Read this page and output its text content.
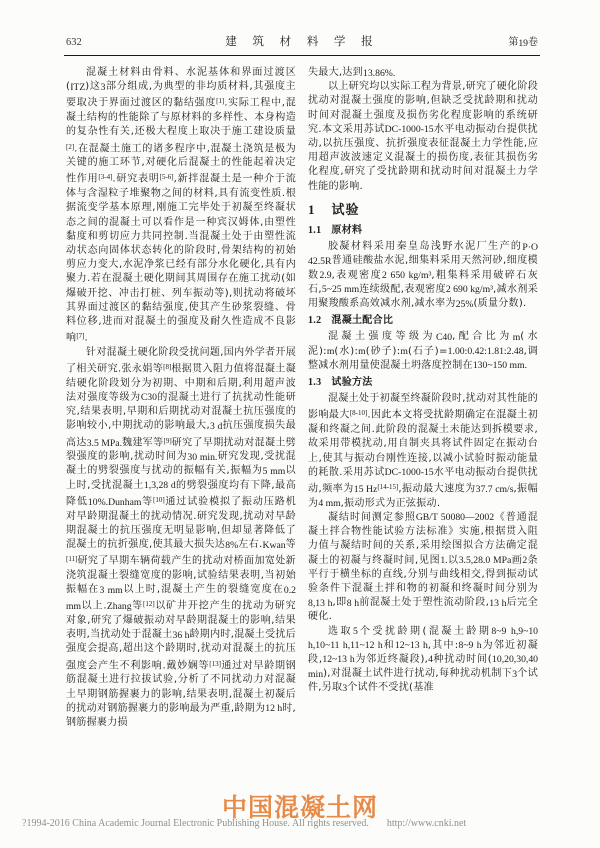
632	建 筑 材 料 学 报	第19卷

混凝土材料由骨料、水泥基体和界面过渡区(ITZ)这3部分组成,为典型的非均质材料,其强度主要取决于界面过渡区的黏结强度[1].实际工程中,混凝土结构的性能除了与原材料的多样性、本身构造的复杂性有关,还极大程度上取决于施工建设质量[2].在混凝土施工的诸多程序中,混凝土浇筑是极为关键的施工环节,对硬化后混凝土的性能起着决定性作用[3-4].研究表明[5-6],新拌混凝土是一种介于流体与含湿粒子堆聚物之间的材料,具有流变性质.根据流变学基本原理,刚施工完毕处于初凝至终凝状态之间的混凝土可以看作是一种宾汉姆体,由塑性黏度和剪切应力共同控制.当混凝土处于由塑性流动状态向固体状态转化的阶段时,骨架结构的初始剪应力变大,水泥净浆已经有部分水化硬化,具有内聚力.若在混凝土硬化期间其周围存在施工扰动(如爆破开挖、冲击打桩、列车振动等),则扰动将破坏其界面过渡区的黏结强度,使其产生砂浆裂缝、骨料位移,进而对混凝土的强度及耐久性造成不良影响[7].

针对混凝土硬化阶段受扰问题,国内外学者开展了相关研究.张永娟等[8]根据贯入阻力值将混凝土凝结硬化阶段划分为初期、中期和后期,利用超声波法对强度等级为C30的混凝土进行了抗扰动性能研究,结果表明,早期和后期扰动对混凝土抗压强度的影响较小,中期扰动的影响最大,3 d抗压强度损失最高达3.5 MPa.魏建军等[9]研究了早期扰动对混凝土劈裂强度的影响,扰动时间为30 min.研究发现,受扰混凝土的劈裂强度与扰动的振幅有关,振幅为5 mm以上时,受扰混凝土1,3,28 d的劈裂强度均有下降,最高降低10%.Dunham等[10]通过试验模拟了振动压路机对早龄期混凝土的扰动情况.研究发现,扰动对早龄期混凝土的抗压强度无明显影响,但却显著降低了混凝土的抗折强度,使其最大损失达8%左右.Kwan等[11]研究了早期车辆荷载产生的扰动对桥面加宽处新浇筑混凝土裂缝宽度的影响,试验结果表明,当初始振幅在3 mm以上时,混凝土产生的裂缝宽度在0.2 mm以上.Zhang等[12]以矿井开挖产生的扰动为研究对象,研究了爆破振动对早龄期混凝土的影响,结果表明,当扰动处于混凝土36 h龄期内时,混凝土受扰后强度会提高,超出这个龄期时,扰动对混凝土的抗压强度会产生不利影响.戴妙娴等[13]通过对早龄期钢筋混凝土进行拉拔试验,分析了不同扰动力对混凝土早期钢筋握裹力的影响,结果表明,混凝土初凝后的扰动对钢筋握裹力的影响最为严重,龄期为12 h时,钢筋握裹力损

失最大,达到13.86%.

以上研究均以实际工程为背景,研究了硬化阶段扰动对混凝土强度的影响,但缺乏受扰龄期和扰动时间对混凝土强度及损伤劣化程度影响的系统研究.本文采用苏试DC-1000-15水平电动振动台提供扰动,以抗压强度、抗折强度表征混凝土力学性能,应用超声波波速定义混凝土的损伤度,表征其损伤劣化程度,研究了受扰龄期和扰动时间对混凝土力学性能的影响.

1 试验
1.1 原材料

胶凝材料采用秦皇岛浅野水泥厂生产的P·O 42.5R普通硅酸盐水泥,细集料采用天然河砂,细度模数2.9,表观密度2 650 kg/m³,粗集料采用破碎石灰石,5~25 mm连续级配,表观密度2 690 kg/m³,减水剂采用聚羧酸系高效减水剂,减水率为25%(质量分数).

1.2 混凝土配合比

混凝土强度等级为C40,配合比为m(水泥):m(水):m(砂子):m(石子)=1.00:0.42:1.81:2.48,调整减水剂用量使混凝土坍落度控制在130~150 mm.

1.3 试验方法

混凝土处于初凝至终凝阶段时,扰动对其性能的影响最大[8-10].因此本文将受扰龄期确定在混凝土初凝和终凝之间.此阶段的混凝土未能达到拆模要求,故采用带模扰动,用自制夹具将试件固定在振动台上,使其与振动台刚性连接,以减小试验时振动能量的耗散.采用苏试DC-1000-15水平电动振动台提供扰动,频率为15 Hz[14-15],振动最大速度为37.7 cm/s,振幅为4 mm,振动形式为正弦振动.

凝结时间测定参照GB/T 50080—2002《普通混凝土拌合物性能试验方法标准》实施,根据贯入阻力值与凝结时间的关系,采用绘图拟合方法确定混凝土的初凝与终凝时间,见图1.以3.5,28.0 MPa画2条平行于横坐标的直线,分别与曲线相交,得到振动试验条件下混凝土拌和物的初凝和终凝时间分别为8,13 h,即8 h前混凝土处于塑性流动阶段,13 h后完全硬化.

选取5个受扰龄期(混凝土龄期8~9 h,9~10 h,10~11 h,11~12 h和12~13 h,其中:8~9 h为邻近初凝段,12~13 h为邻近终凝段),4种扰动时间(10,20,30,40 min),对混凝土试件进行扰动,每种扰动机制下3个试件,另取3个试件不受扰(基准

中国混凝土网
?1994-2016 China Academic Journal Electronic Publishing House. All rights reserved. http://www.cnki.net
